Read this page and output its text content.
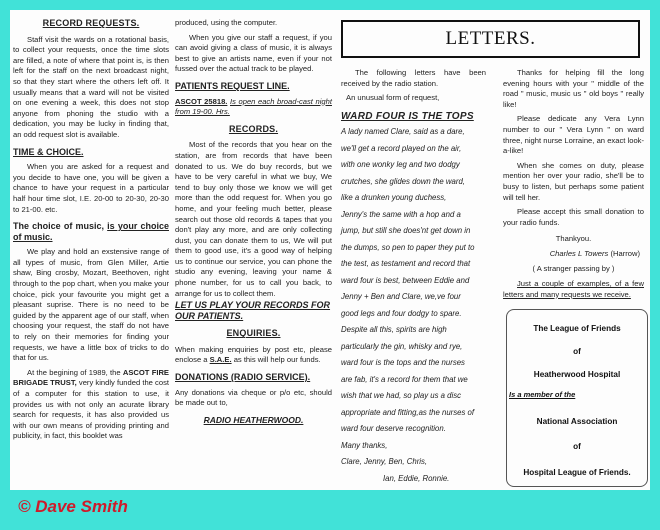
RECORD REQUESTS.

Staff visit the wards on a rotational basis, to collect your requests, once the time slots are filled, a note of where that point is, is then left for the staff on the next broadcast night, so that they start where the others left off. It usually means that a ward will not be visited on one evening a week, this does not stop anyone from phoning the studio with a dedication, you may be lucky in finding that, an odd request slot is available.

TIME & CHOICE.

When you are asked for a request and you decide to have one, you will be given a chance to have your request in a particular half hour time slot, I.E. 20-00 to 20-30, 20-30 to 21-00. etc.

The choice of music, is your choice of music.

We play and hold an exstensive range of all types of music, from Glen Miller, Artie shaw, Bing crosby, Mozart, Beethoven, right through to the pop chart, when you make your choice, pick your favourite you might get a pleasant suprise. There is no need to be guided by the apparent age of our staff, when choosing your request, the staff do not have to rely on their memories for finding your requests, we have a little box of tricks to do that for us.

At the begining of 1989, the ASCOT FIRE BRIGADE TRUST, very kindly funded the cost of a computer for this station to use, it provides us with not only an acurate library search for requests, it has also provided us with our own means of providing printing and publicity, in fact, this booklet was

produced, using the computer.

When you give our staff a request, if you can avoid giving a class of music, it is always best to give an artists name, even if your not fussed over the actual track to be played.

PATIENTS REQUEST LINE.

ASCOT 25818. Is open each broad-cast night from 19-00. Hrs.

RECORDS.

Most of the records that you hear on the station, are from records that have been donated to us. We do buy records, but we have to be very careful in what we buy, We tend to buy only those we know we will get more than the odd request for. When you go home, and your feeling much better, please search out those old records & tapes that you don't play any more, and are only collecting dust, you can donate them to us, We will put them to good use, it's a good way of helping us to continue our service, you can phone the studio any evening, leaving your name & phone number, for us to call you back, to arrange for us to collect them.

LET US PLAY YOUR RECORDS FOR OUR PATIENTS.

ENQUIRIES.

When making enquiries by post etc, please enclose a S.A.E. as this will help our funds.

DONATIONS (RADIO SERVICE).

Any donations via cheque or p/o etc, should be made out to,

RADIO HEATHERWOOD.

LETTERS.

The following letters have been received by the radio station.

An unusual form of request,

WARD FOUR IS THE TOPS

A lady named Clare, said as a dare,

we'll get a record played on the air,

with one wonky leg and two dodgy

crutches, she glides down the ward,

like a drunken young duchess,

Jenny's the same with a hop and a

jump, but still she does'nt get down in

the dumps, so pen to paper they put to

the test, as testament and record that

ward four is best, between Eddie and

Jenny + Ben and Clare, we,ve four

good legs and four dodgy to spare.

Despite all this, spirits are high

particularly the gin, whisky and rye,

ward four is the tops and the nurses

are fab, it's a record for them that we

wish that we had, so play us a disc

appropriate and fitting,as the nurses of

ward four deserve recognition.

Many thanks,

Clare, Jenny, Ben, Chris,

Ian, Eddie, Ronnie.

Thanks for helping fill the long evening hours with your " middle of the road " music, music us " old boys " really like!

Please dedicate any Vera Lynn number to our " Vera Lynn " on ward three, night nurse Lorraine, an exact look-a-like!

When she comes on duty, please mention her over your radio, she'll be to busy to listen, but perhaps some patient will tell her.

Please accept this small donation to your radio funds.

Thankyou.

Charles L Towers (Harrow)

( A stranger passing by )

Just a couple of examples, of a few letters and many requests we receive.

The League of Friends
of
Heatherwood Hospital
Is a member of the
National Association
of
Hospital League of Friends.
© Dave Smith
